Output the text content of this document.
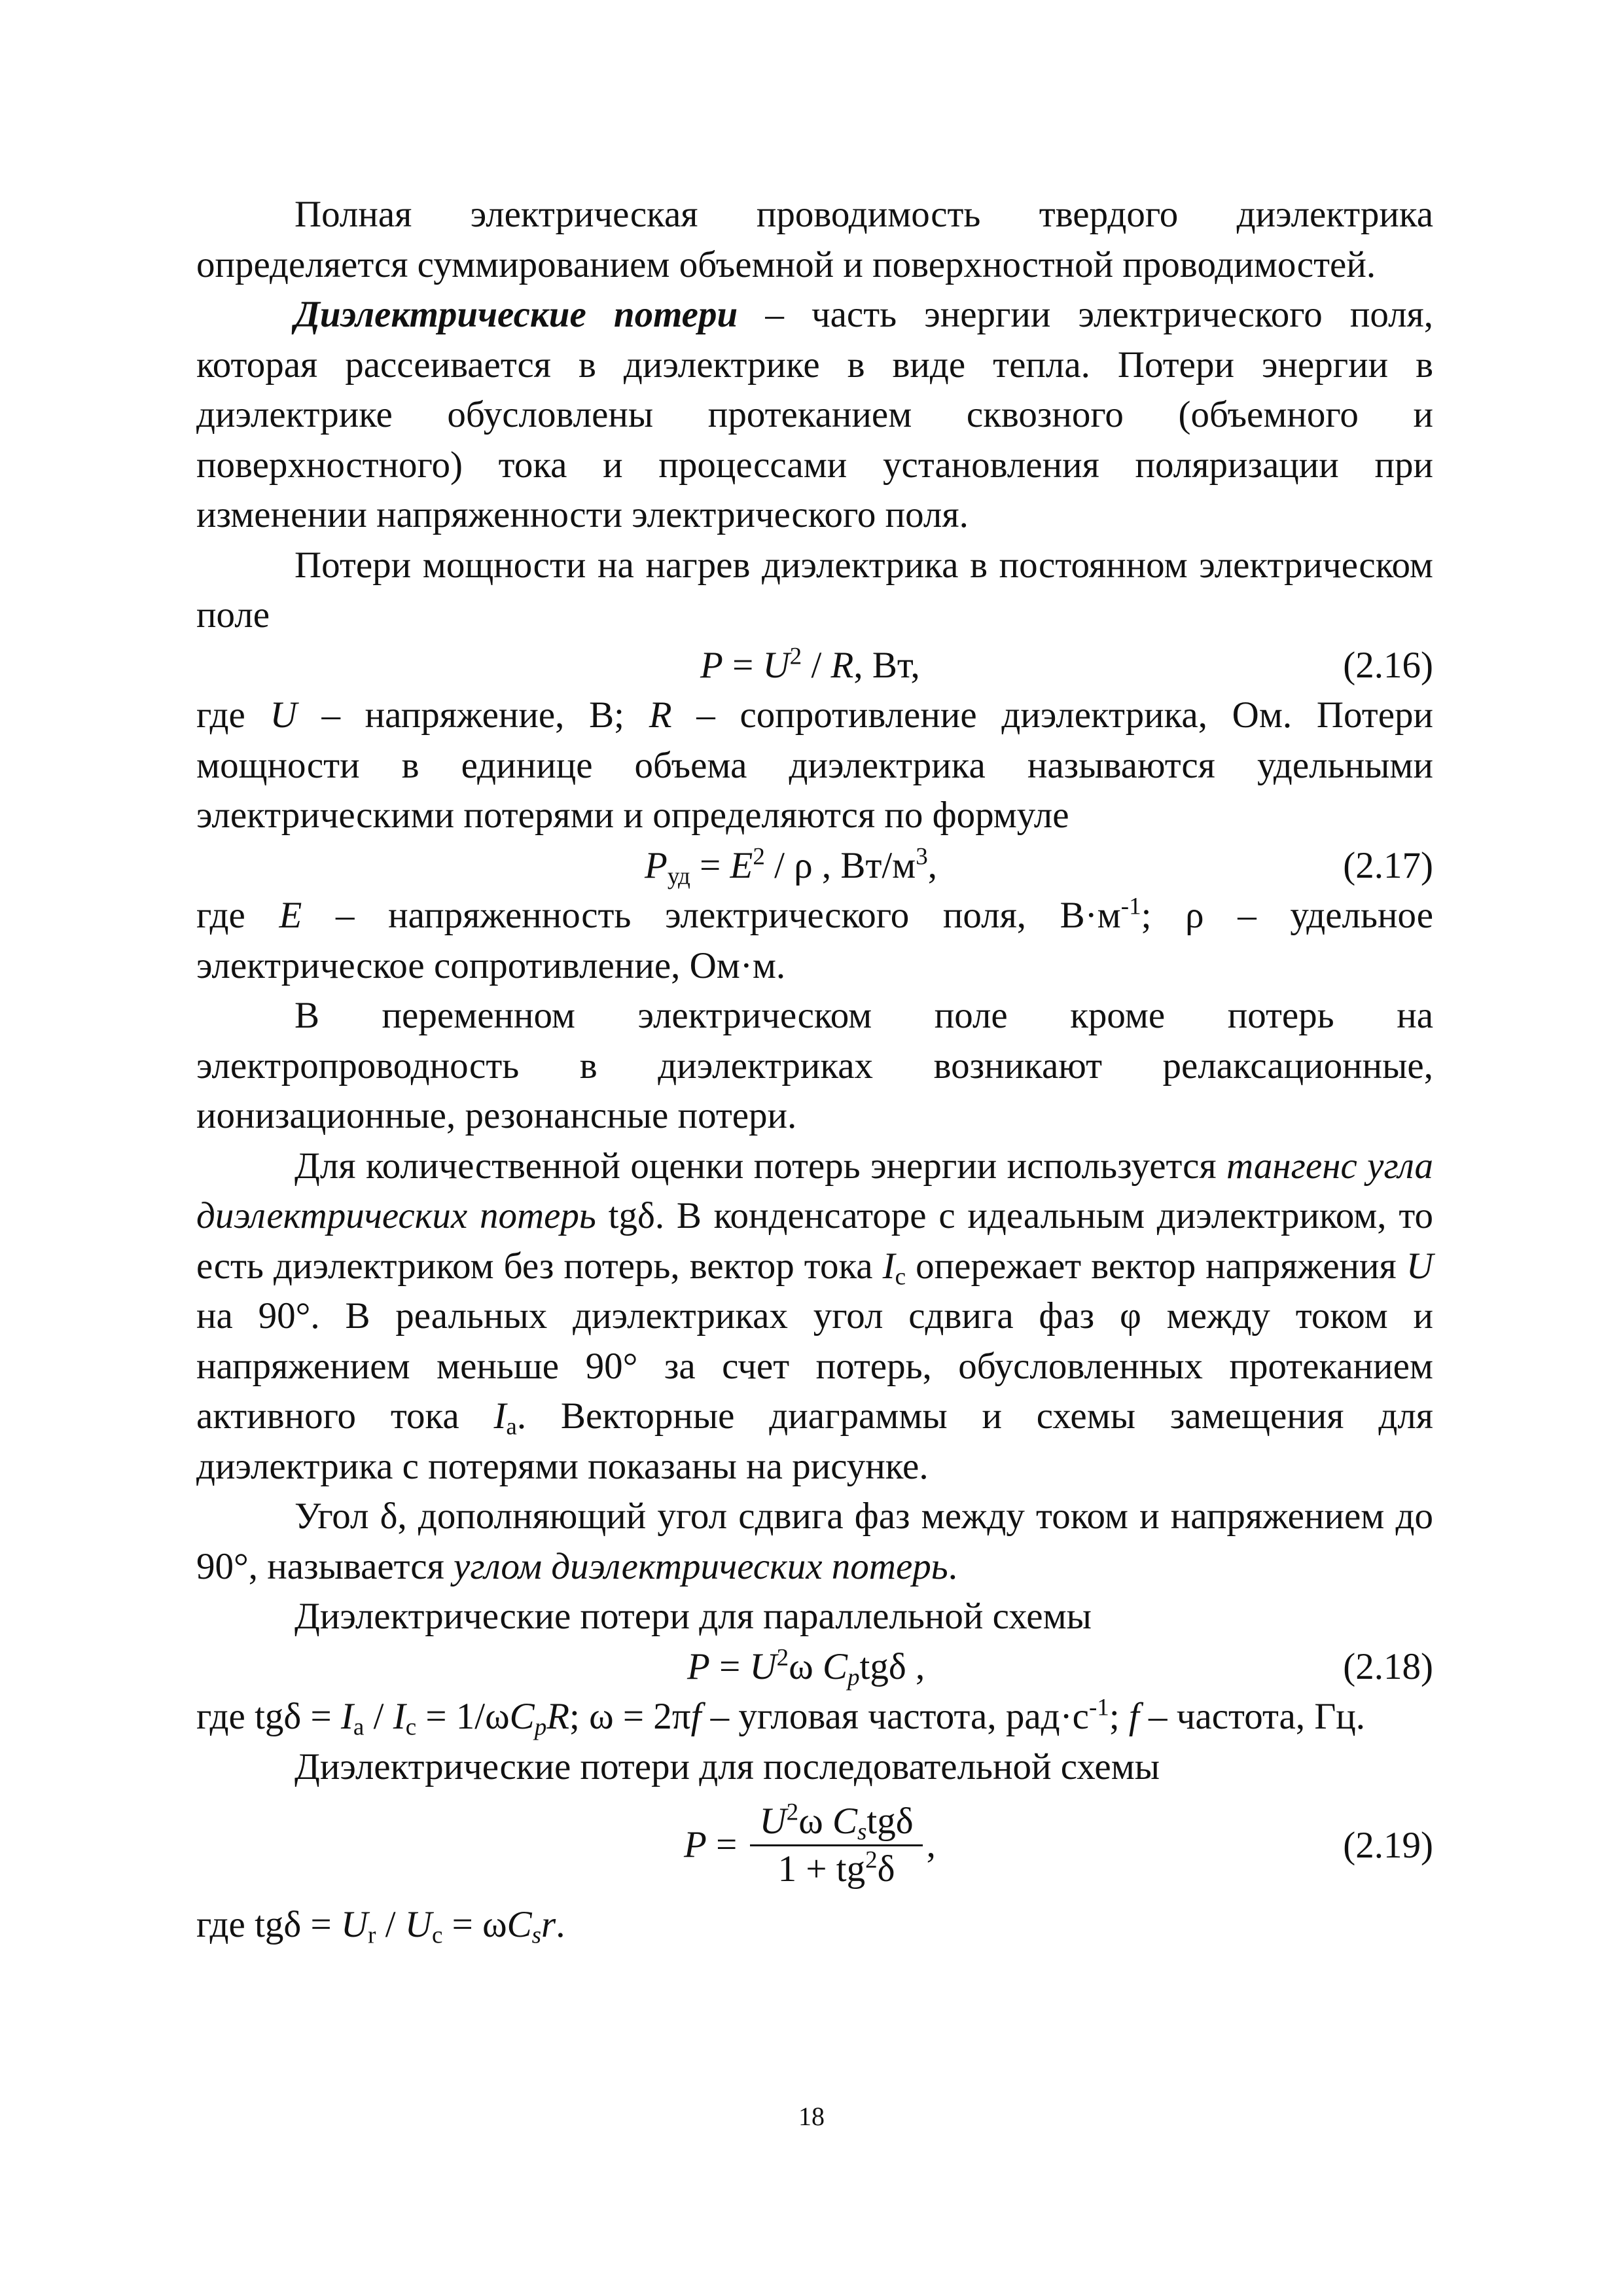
Полная электрическая проводимость твердого диэлектрика определяется суммированием объемной и поверхностной проводимостей.

Диэлектрические потери – часть энергии электрического поля, которая рассеивается в диэлектрике в виде тепла. Потери энергии в диэлектрике обусловлены протеканием сквозного (объемного и поверхностного) тока и процессами установления поляризации при изменении напряженности электрического поля.

Потери мощности на нагрев диэлектрика в постоянном электрическом поле

$P = U^2 / R$, Вт,	(2.16)

где U – напряжение, В; R – сопротивление диэлектрика, Ом. Потери мощности в единице объема диэлектрика называются удельными электрическими потерями и определяются по формуле

$P_{уд} = E^2 / \rho$ , $Вт/м^3$,	(2.17)

где E – напряженность электрического поля, $В\cdot м^{-1}$; ρ – удельное электрическое сопротивление, Ом·м.

В переменном электрическом поле кроме потерь на электропроводность в диэлектриках возникают релаксационные, ионизационные, резонансные потери.

Для количественной оценки потерь энергии используется тангенс угла диэлектрических потерь tgδ. В конденсаторе с идеальным диэлектриком, то есть диэлектриком без потерь, вектор тока $I_c$ опережает вектор напряжения U на 90°. В реальных диэлектриках угол сдвига фаз φ между током и напряжением меньше 90° за счет потерь, обусловленных протеканием активного тока $I_a$. Векторные диаграммы и схемы замещения для диэлектрика с потерями показаны на рисунке.

Угол δ, дополняющий угол сдвига фаз между током и напряжением до 90°, называется углом диэлектрических потерь.

Диэлектрические потери для параллельной схемы

$P = U^2\omega$ $C_ptg\delta$ ,	(2.18)

где $tg\delta = I_a / I_c = 1/\omega C_pR$; ω = 2πf – угловая частота, $рад\cdot с^{-1}$; f – частота, Гц.

Диэлектрические потери для последовательной схемы

$P = \frac{U^2\omega C_stg\delta}{1 + tg^2\delta}$ ,	(2.19)

где $tg\delta = U_r / U_c = \omega C_sr$.

18
